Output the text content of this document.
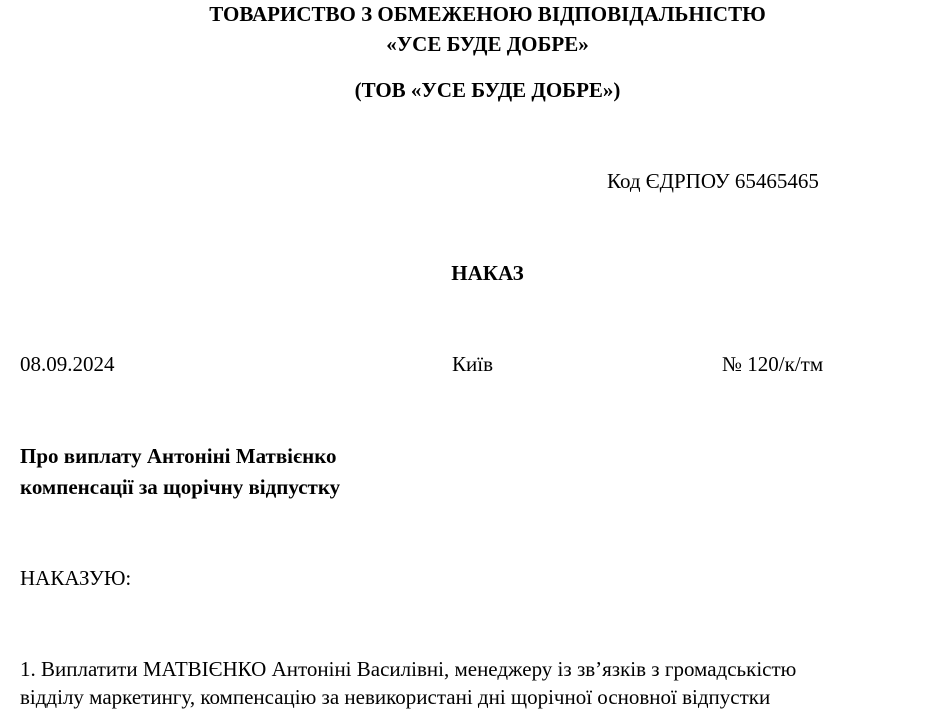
ТОВАРИСТВО З ОБМЕЖЕНОЮ ВІДПОВІДАЛЬНІСТЮ
«УСЕ БУДЕ ДОБРЕ»
(ТОВ «УСЕ БУДЕ ДОБРЕ»)
Код ЄДРПОУ 65465465
НАКАЗ
08.09.2024	Київ	№ 120/к/тм
Про виплату Антоніні Матвієнко
компенсації за щорічну відпустку
НАКАЗУЮ:
1. Виплатити МАТВІЄНКО Антоніні Василівні, менеджеру із зв’язків з громадськістю
відділу маркетингу, компенсацію за невикористані дні щорічної основної відпустки
